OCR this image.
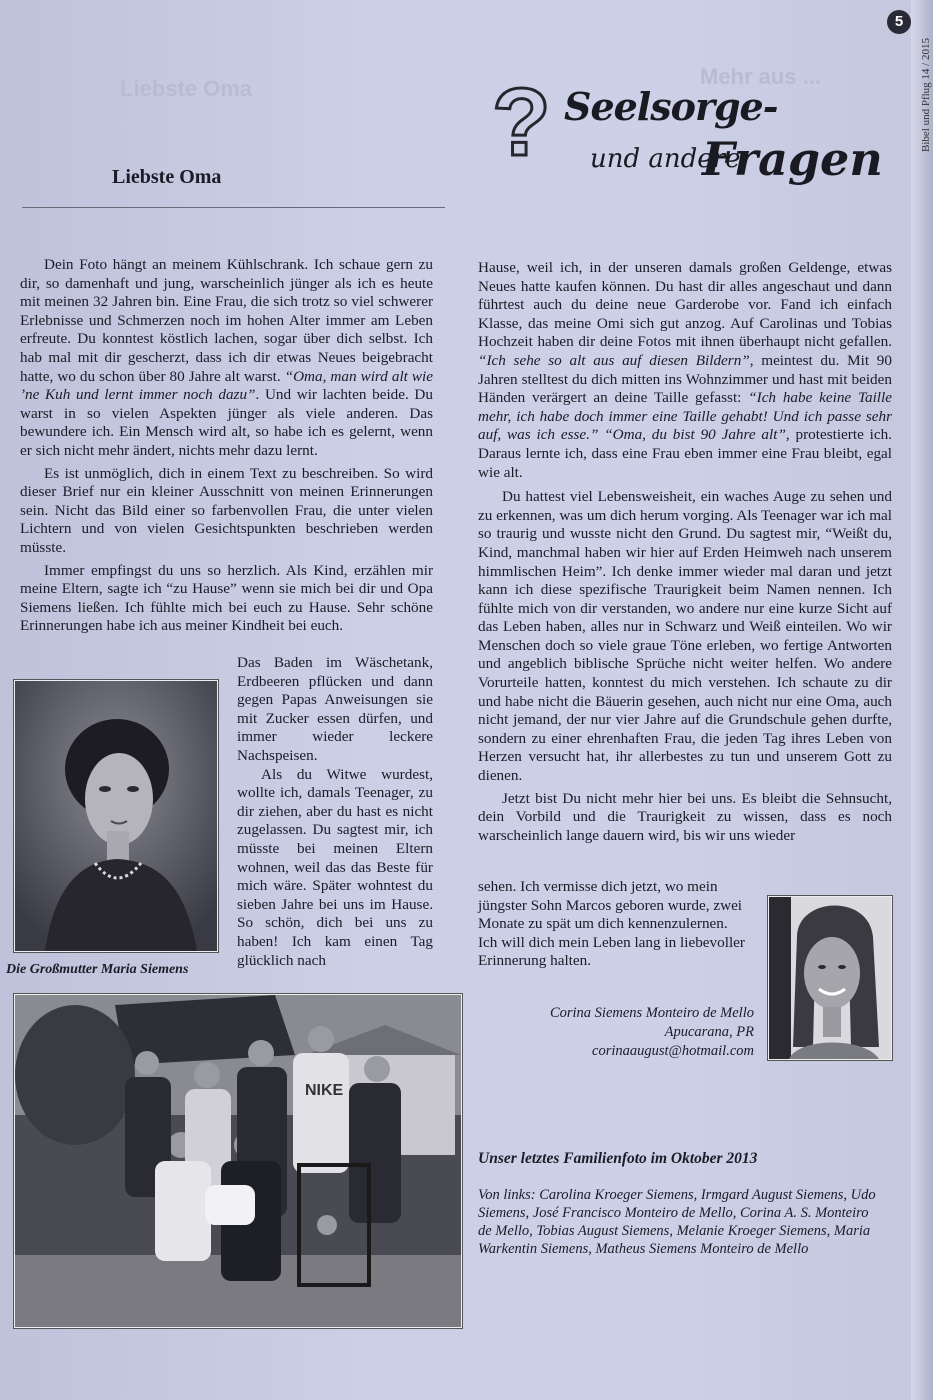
Liebste Oma	Mehr aus ...
5
Bibel und Pflug 14 / 2015
? Seelsorge-
und andere
Fragen
Liebste Oma

Dein Foto hängt an meinem Kühlschrank. Ich schaue gern zu dir, so damenhaft und jung, warscheinlich jünger als ich es heute mit meinen 32 Jahren bin. Eine Frau, die sich trotz so viel schwerer Erlebnisse und Schmerzen noch im hohen Alter immer am Leben erfreute. Du konntest köstlich lachen, sogar über dich selbst. Ich hab mal mit dir gescherzt, dass ich dir etwas Neues beigebracht hatte, wo du schon über 80 Jahre alt warst. “Oma, man wird alt wie ’ne Kuh und lernt immer noch dazu”. Und wir lachten beide. Du warst in so vielen Aspekten jünger als viele anderen. Das bewundere ich. Ein Mensch wird alt, so habe ich es gelernt, wenn er sich nicht mehr ändert, nichts mehr dazu lernt.

Es ist unmöglich, dich in einem Text zu beschreiben. So wird dieser Brief nur ein kleiner Ausschnitt von meinen Erinnerungen sein. Nicht das Bild einer so farbenvollen Frau, die unter vielen Lichtern und von vielen Gesichtspunkten beschrieben werden müsste.

Immer empfingst du uns so herzlich. Als Kind, erzählen mir meine Eltern, sagte ich “zu Hause” wenn sie mich bei dir und Opa Siemens ließen. Ich fühlte mich bei euch zu Hause. Sehr schöne Erinnerungen habe ich aus meiner Kindheit bei euch.

Das Baden im Wäschetank, Erdbeeren pflücken und dann gegen Papas Anweisungen sie mit Zucker essen dürfen, und immer wieder leckere Nachspeisen.

Als du Witwe wurdest, wollte ich, damals Teenager, zu dir ziehen, aber du hast es nicht zugelassen. Du sagtest mir, ich müsste bei meinen Eltern wohnen, weil das das Beste für mich wäre. Später wohntest du sieben Jahre bei uns im Hause. So schön, dich bei uns zu haben! Ich kam einen Tag glücklich nach

Die Großmutter Maria Siemens

Hause, weil ich, in der unseren damals großen Geldenge, etwas Neues hatte kaufen können. Du hast dir alles angeschaut und dann führtest auch du deine neue Garderobe vor. Fand ich einfach Klasse, das meine Omi sich gut anzog. Auf Carolinas und Tobias Hochzeit haben dir deine Fotos mit ihnen überhaupt nicht gefallen. “Ich sehe so alt aus auf diesen Bildern”, meintest du. Mit 90 Jahren stelltest du dich mitten ins Wohnzimmer und hast mit beiden Händen verärgert an deine Taille gefasst: “Ich habe keine Taille mehr, ich habe doch immer eine Taille gehabt! Und ich passe sehr auf, was ich esse.” “Oma, du bist 90 Jahre alt”, protestierte ich. Daraus lernte ich, dass eine Frau eben immer eine Frau bleibt, egal wie alt.

Du hattest viel Lebensweisheit, ein waches Auge zu sehen und zu erkennen, was um dich herum vorging. Als Teenager war ich mal so traurig und wusste nicht den Grund. Du sagtest mir, “Weißt du, Kind, manchmal haben wir hier auf Erden Heimweh nach unserem himmlischen Heim”. Ich denke immer wieder mal daran und jetzt kann ich diese spezifische Traurigkeit beim Namen nennen. Ich fühlte mich von dir verstanden, wo andere nur eine kurze Sicht auf das Leben haben, alles nur in Schwarz und Weiß einteilen. Wo wir Menschen doch so viele graue Töne erleben, wo fertige Antworten und angeblich biblische Sprüche nicht weiter helfen. Wo andere Vorurteile hatten, konntest du mich verstehen. Ich schaute zu dir und habe nicht die Bäuerin gesehen, auch nicht nur eine Oma, auch nicht jemand, der nur vier Jahre auf die Grundschule gehen durfte, sondern zu einer ehrenhaften Frau, die jeden Tag ihres Leben von Herzen versucht hat, ihr allerbestes zu tun und unserem Gott zu dienen.

Jetzt bist Du nicht mehr hier bei uns. Es bleibt die Sehnsucht, dein Vorbild und die Traurigkeit zu wissen, dass es noch warscheinlich lange dauern wird, bis wir uns wieder

sehen. Ich vermisse dich jetzt, wo mein
jüngster Sohn Marcos geboren wurde, zwei
Monate zu spät um dich kennenzulernen.
Ich will dich mein Leben lang in liebevoller
Erinnerung halten.
Corina Siemens Monteiro de Mello
Apucarana, PR
corinaaugust@hotmail.com
NIKE
Unser letztes Familienfoto im Oktober 2013
Von links: Carolina Kroeger Siemens, Irmgard August Siemens, Udo Siemens, José Francisco Monteiro de Mello, Corina A. S. Monteiro de Mello, Tobias August Siemens, Melanie Kroeger Siemens, Maria Warkentin Siemens, Matheus Siemens Monteiro de Mello
